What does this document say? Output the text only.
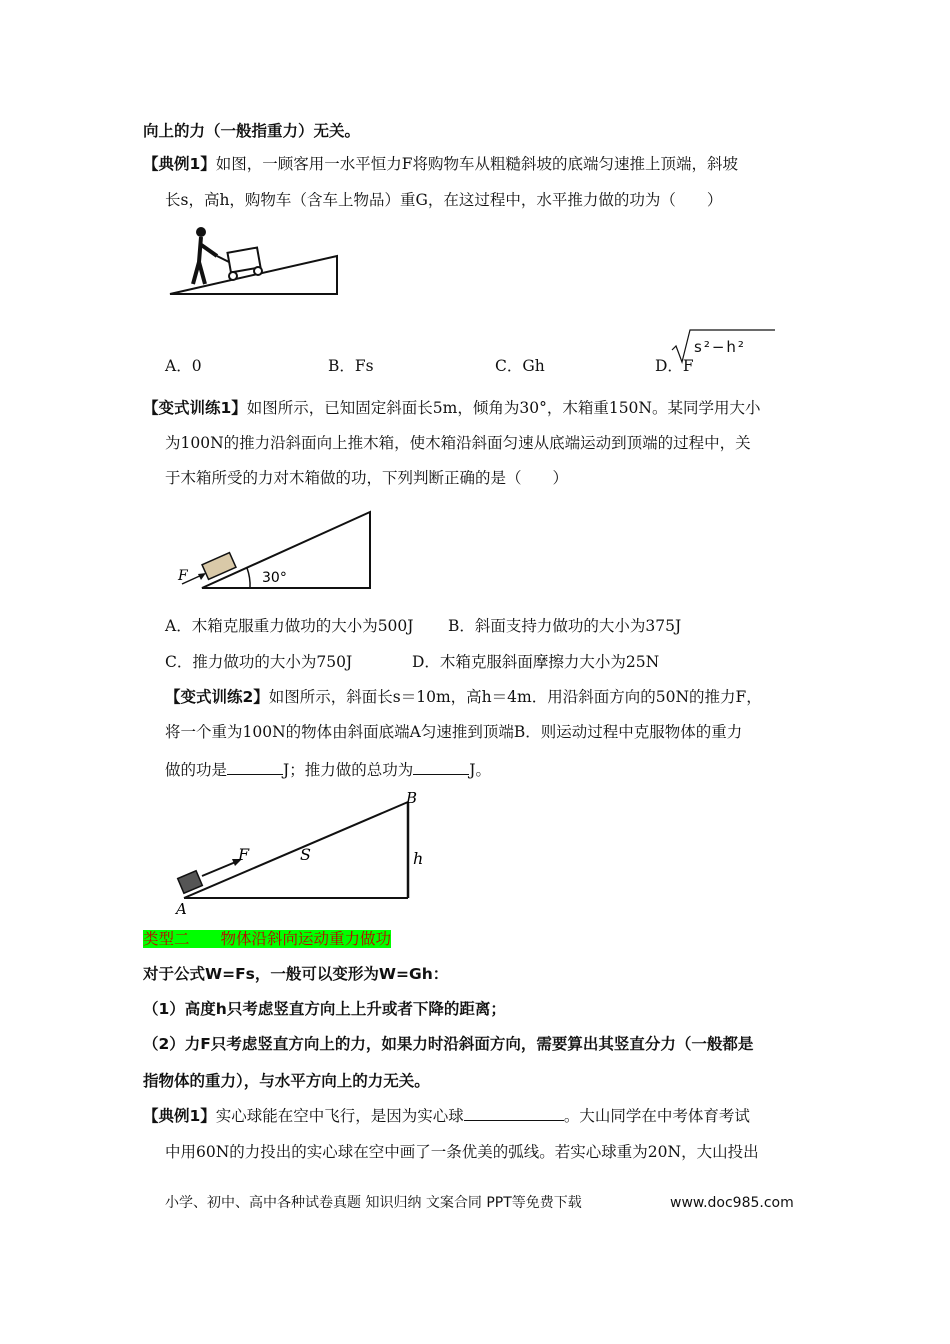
向上的力（一般指重力）无关。
【典例1】如图，一顾客用一水平恒力F将购物车从粗糙斜坡的底端匀速推上顶端，斜坡
长s，高h，购物车（含车上物品）重G，在这过程中，水平推力做的功为（　　）
A．0	B．Fs	C．Gh	D．F
s²−h²
【变式训练1】如图所示，已知固定斜面长5m，倾角为30°，木箱重150N。某同学用大小
为100N的推力沿斜面向上推木箱，使木箱沿斜面匀速从底端运动到顶端的过程中，关
于木箱所受的力对木箱做的功，下列判断正确的是（　　）
F	30°
A．木箱克服重力做功的大小为500J B．斜面支持力做功的大小为375J
C．推力做功的大小为750J	D．木箱克服斜面摩擦力大小为25N
【变式训练2】如图所示，斜面长s＝10m，高h＝4m．用沿斜面方向的50N的推力F，
将一个重为100N的物体由斜面底端A匀速推到顶端B．则运动过程中克服物体的重力
做的功是	J；推力做的总功为	J。
B
A
F	S	h
类型二　　物体沿斜向运动重力做功
对于公式W=Fs，一般可以变形为W=Gh：
（1）高度h只考虑竖直方向上上升或者下降的距离；
（2）力F只考虑竖直方向上的力，如果力时沿斜面方向，需要算出其竖直分力（一般都是
指物体的重力），与水平方向上的力无关。
【典例1】实心球能在空中飞行，是因为实心球	。大山同学在中考体育考试
中用60N的力投出的实心球在空中画了一条优美的弧线。若实心球重为20N，大山投出
小学、初中、高中各种试卷真题 知识归纳 文案合同 PPT等免费下载	www.doc985.com
